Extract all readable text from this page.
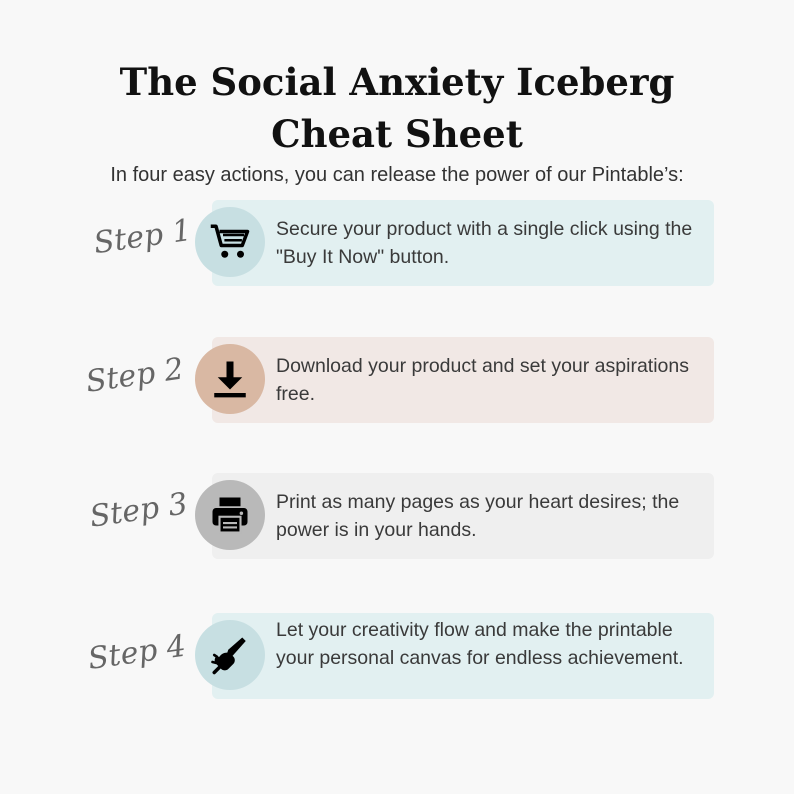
The Social Anxiety Iceberg
Cheat Sheet
In four easy actions, you can release the power of our Pintable’s:
Step 1	Secure your product with a single click using the "Buy It Now" button.
Step 2	Download your product and set your aspirations free.
Step 3	Print as many pages as your heart desires; the power is in your hands.
Step 4	Let your creativity flow and make the printable your personal canvas for endless achievement.
